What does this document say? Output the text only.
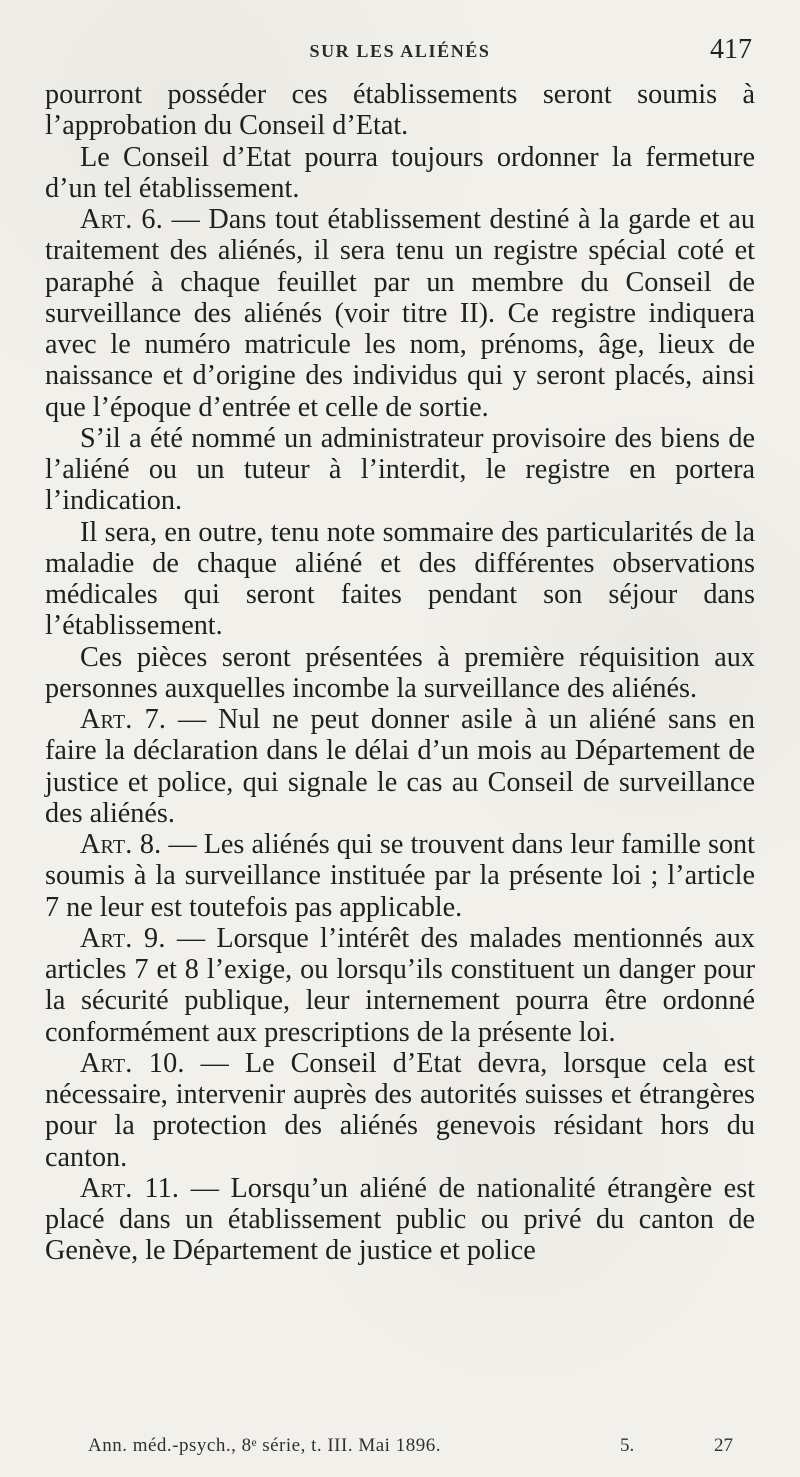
SUR LES ALIÉNÉS	417

pourront posséder ces établissements seront soumis à l’approbation du Conseil d’Etat.

Le Conseil d’Etat pourra toujours ordonner la fermeture d’un tel établissement.

Art. 6. — Dans tout établissement destiné à la garde et au traitement des aliénés, il sera tenu un registre spécial coté et paraphé à chaque feuillet par un membre du Conseil de surveillance des aliénés (voir titre II). Ce registre indiquera avec le numéro matricule les nom, prénoms, âge, lieux de naissance et d’origine des individus qui y seront placés, ainsi que l’époque d’entrée et celle de sortie.

S’il a été nommé un administrateur provisoire des biens de l’aliéné ou un tuteur à l’interdit, le registre en portera l’indication.

Il sera, en outre, tenu note sommaire des particularités de la maladie de chaque aliéné et des différentes observations médicales qui seront faites pendant son séjour dans l’établissement.

Ces pièces seront présentées à première réquisition aux personnes auxquelles incombe la surveillance des aliénés.

Art. 7. — Nul ne peut donner asile à un aliéné sans en faire la déclaration dans le délai d’un mois au Département de justice et police, qui signale le cas au Conseil de surveillance des aliénés.

Art. 8. — Les aliénés qui se trouvent dans leur famille sont soumis à la surveillance instituée par la présente loi ; l’article 7 ne leur est toutefois pas applicable.

Art. 9. — Lorsque l’intérêt des malades mentionnés aux articles 7 et 8 l’exige, ou lorsqu’ils constituent un danger pour la sécurité publique, leur internement pourra être ordonné conformément aux prescriptions de la présente loi.

Art. 10. — Le Conseil d’Etat devra, lorsque cela est nécessaire, intervenir auprès des autorités suisses et étrangères pour la protection des aliénés genevois résidant hors du canton.

Art. 11. — Lorsqu’un aliéné de nationalité étrangère est placé dans un établissement public ou privé du canton de Genève, le Département de justice et police

Ann. méd.-psych., 8ᵉ série, t. III. Mai 1896.	5.	27
